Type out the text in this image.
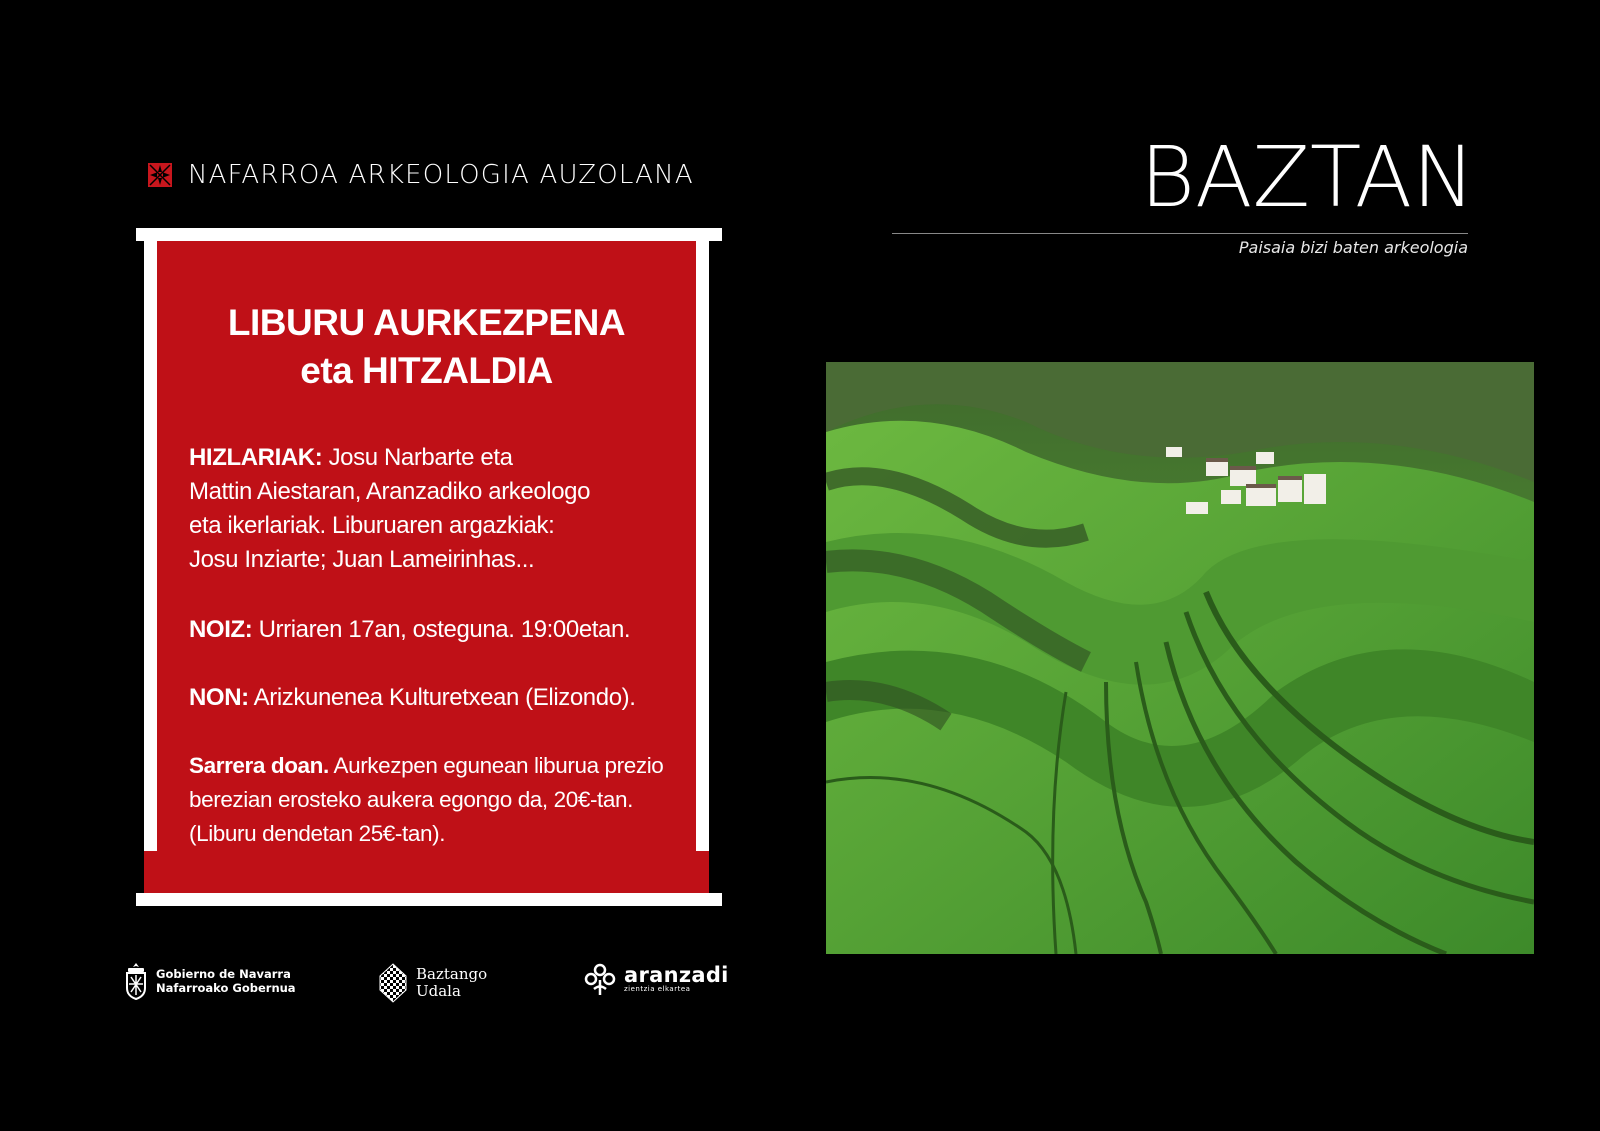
NAFARROA ARKEOLOGIA AUZOLANA
LIBURU AURKEZPENA
eta HITZALDIA
HIZLARIAK: Josu Narbarte eta
Mattin Aiestaran, Aranzadiko arkeologo
eta ikerlariak. Liburuaren argazkiak:
Josu Inziarte; Juan Lameirinhas...
NOIZ: Urriaren 17an, osteguna. 19:00etan.
NON: Arizkunenea Kulturetxean (Elizondo).
Sarrera doan. Aurkezpen egunean liburua prezio
berezian erosteko aukera egongo da, 20€-tan.
(Liburu dendetan 25€-tan).
BAZTAN
Paisaia bizi baten arkeologia
Gobierno de Navarra
Nafarroako Gobernua
Baztango
Udala
aranzadi
zientzia elkartea
